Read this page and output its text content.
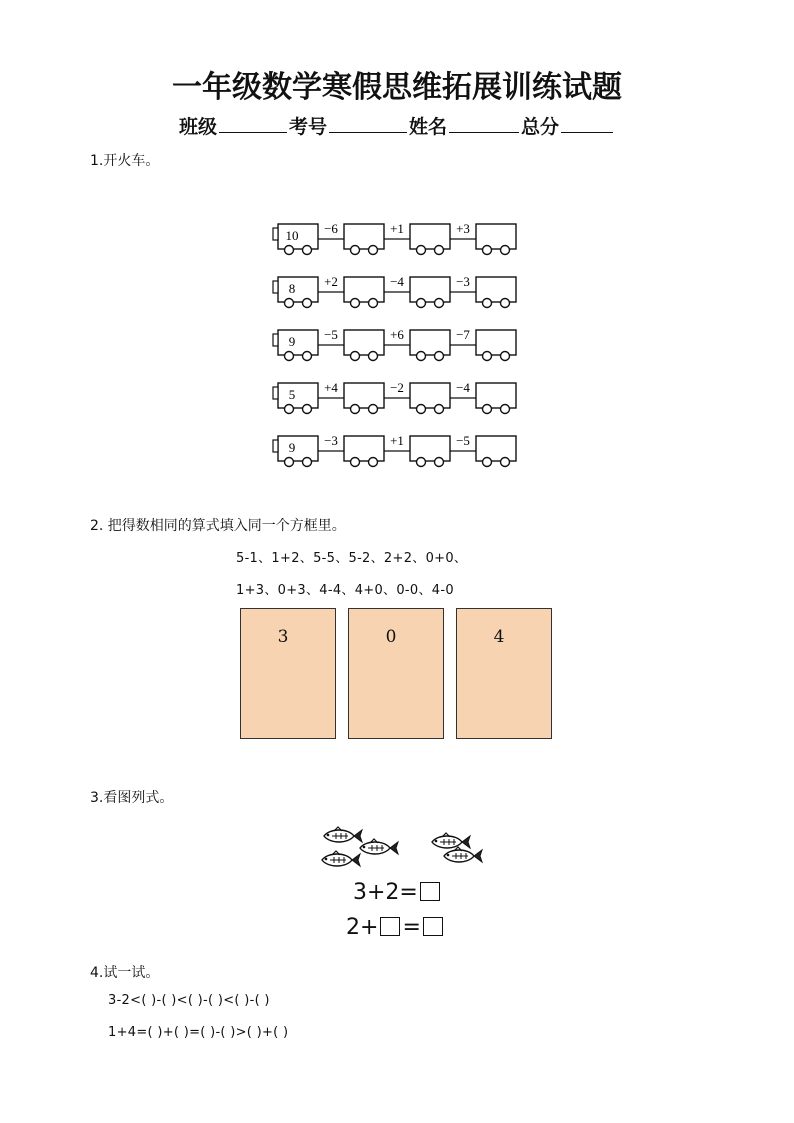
一年级数学寒假思维拓展训练试题
班级	考号	姓名	总分
1.开火车。
10 −6	+1	+3
8 +2	−4	−3
9 −5	+6	−7
5 +4	−2	−4
9 −3	+1	−5
2. 把得数相同的算式填入同一个方框里。
5-1、1+2、5-5、5-2、2+2、0+0、
1+3、0+3、4-4、4+0、0-0、4-0
3	0	4
3.看图列式。
3+2=
2+ =
4.试一试。
3-2<( )-( )<( )-( )<( )-( )
1+4=( )+( )=( )-( )>( )+( )
